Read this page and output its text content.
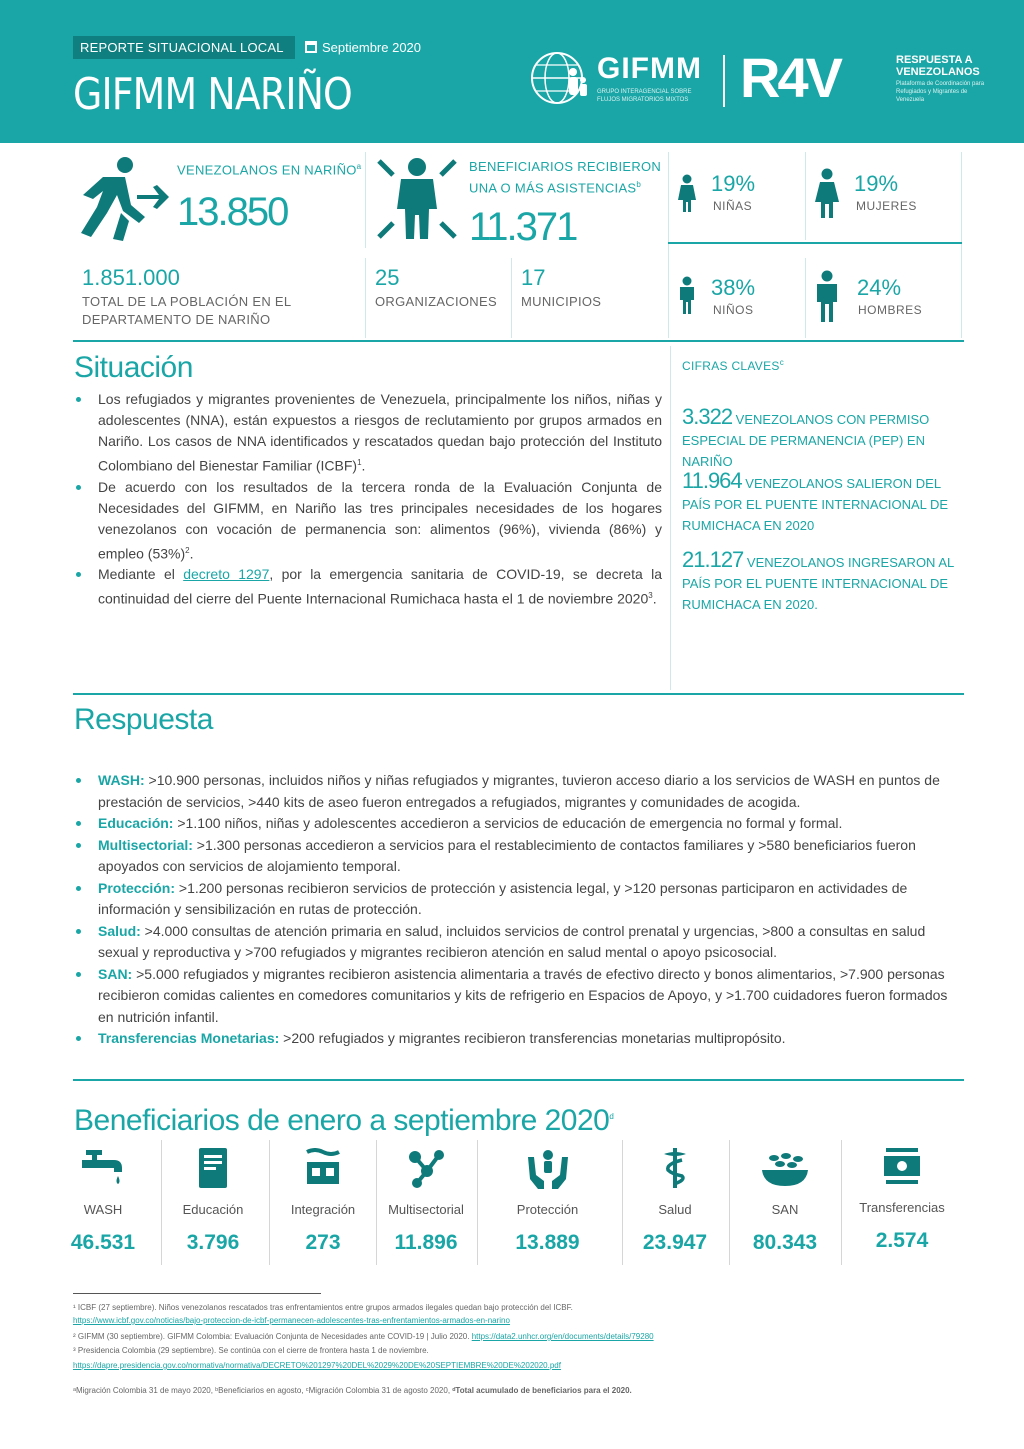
REPORTE SITUACIONAL LOCAL	Septiembre 2020
GIFMM NARIÑO
GIFMM
GRUPO INTERAGENCIAL SOBRE FLUJOS MIGRATORIOS MIXTOS R4V	RESPUESTA A
VENEZOLANOS
Plataforma de Coordinación para Refugiados y Migrantes de Venezuela
VENEZOLANOS EN NARIÑO$^a$
13.850
BENEFICIARIOS RECIBIERON
UNA O MÁS ASISTENCIAS$^b$
11.371
1.851.000
TOTAL DE LA POBLACIÓN EN EL
DEPARTAMENTO DE NARIÑO
25
ORGANIZACIONES
17
MUNICIPIOS
19%
NIÑAS
19%
MUJERES
38%
NIÑOS
24%
HOMBRES
Situación
Los refugiados y migrantes provenientes de Venezuela, principalmente los niños, niñas y adolescentes (NNA), están expuestos a riesgos de reclutamiento por grupos armados en Nariño. Los casos de NNA identificados y rescatados quedan bajo protección del Instituto Colombiano del Bienestar Familiar (ICBF)$^1$.
De acuerdo con los resultados de la tercera ronda de la Evaluación Conjunta de Necesidades del GIFMM, en Nariño las tres principales necesidades de los hogares venezolanos con vocación de permanencia son: alimentos (96%), vivienda (86%) y empleo $(53\%)^2$.
Mediante el decreto 1297, por la emergencia sanitaria de COVID-19, se decreta la continuidad del cierre del Puente Internacional Rumichaca hasta el 1 de noviembre 2020$^3$.
CIFRAS CLAVES$^c$
3.322 VENEZOLANOS CON PERMISO ESPECIAL DE PERMANENCIA (PEP) EN NARIÑO
11.964 VENEZOLANOS SALIERON DEL PAÍS POR EL PUENTE INTERNACIONAL DE RUMICHACA EN 2020
21.127 VENEZOLANOS INGRESARON AL PAÍS POR EL PUENTE INTERNACIONAL DE RUMICHACA EN 2020.
Respuesta
WASH: >10.900 personas, incluidos niños y niñas refugiados y migrantes, tuvieron acceso diario a los servicios de WASH en puntos de prestación de servicios, >440 kits de aseo fueron entregados a refugiados, migrantes y comunidades de acogida.
Educación: >1.100 niños, niñas y adolescentes accedieron a servicios de educación de emergencia no formal y formal.
Multisectorial: >1.300 personas accedieron a servicios para el restablecimiento de contactos familiares y >580 beneficiarios fueron apoyados con servicios de alojamiento temporal.
Protección: >1.200 personas recibieron servicios de protección y asistencia legal, y >120 personas participaron en actividades de información y sensibilización en rutas de protección.
Salud: >4.000 consultas de atención primaria en salud, incluidos servicios de control prenatal y urgencias, >800 a consultas en salud sexual y reproductiva y >700 refugiados y migrantes recibieron atención en salud mental o apoyo psicosocial.
SAN: >5.000 refugiados y migrantes recibieron asistencia alimentaria a través de efectivo directo y bonos alimentarios, >7.900 personas recibieron comidas calientes en comedores comunitarios y kits de refrigerio en Espacios de Apoyo, y >1.700 cuidadores fueron formados en nutrición infantil.
Transferencias Monetarias: >200 refugiados y migrantes recibieron transferencias monetarias multipropósito.
Beneficiarios de enero a septiembre 2020$^d$
WASH
46.531
Educación
3.796
Integración
273
Multisectorial
11.896
Protección
13.889
Salud
23.947
SAN
80.343
Transferencias
2.574
¹ ICBF (27 septiembre). Niños venezolanos rescatados tras enfrentamientos entre grupos armados ilegales quedan bajo protección del ICBF.
https://www.icbf.gov.co/noticias/bajo-proteccion-de-icbf-permanecen-adolescentes-tras-enfrentamientos-armados-en-narino
² GIFMM (30 septiembre). GIFMM Colombia: Evaluación Conjunta de Necesidades ante COVID-19 | Julio 2020. https://data2.unhcr.org/en/documents/details/79280
³ Presidencia Colombia (29 septiembre). Se continúa con el cierre de frontera hasta 1 de noviembre.
https://dapre.presidencia.gov.co/normativa/normativa/DECRETO%201297%20DEL%2029%20DE%20SEPTIEMBRE%20DE%202020.pdf
ᵃMigración Colombia 31 de mayo 2020, ᵇBeneficiarios en agosto, ᶜMigración Colombia 31 de agosto 2020, ᵈTotal acumulado de beneficiarios para el 2020.
